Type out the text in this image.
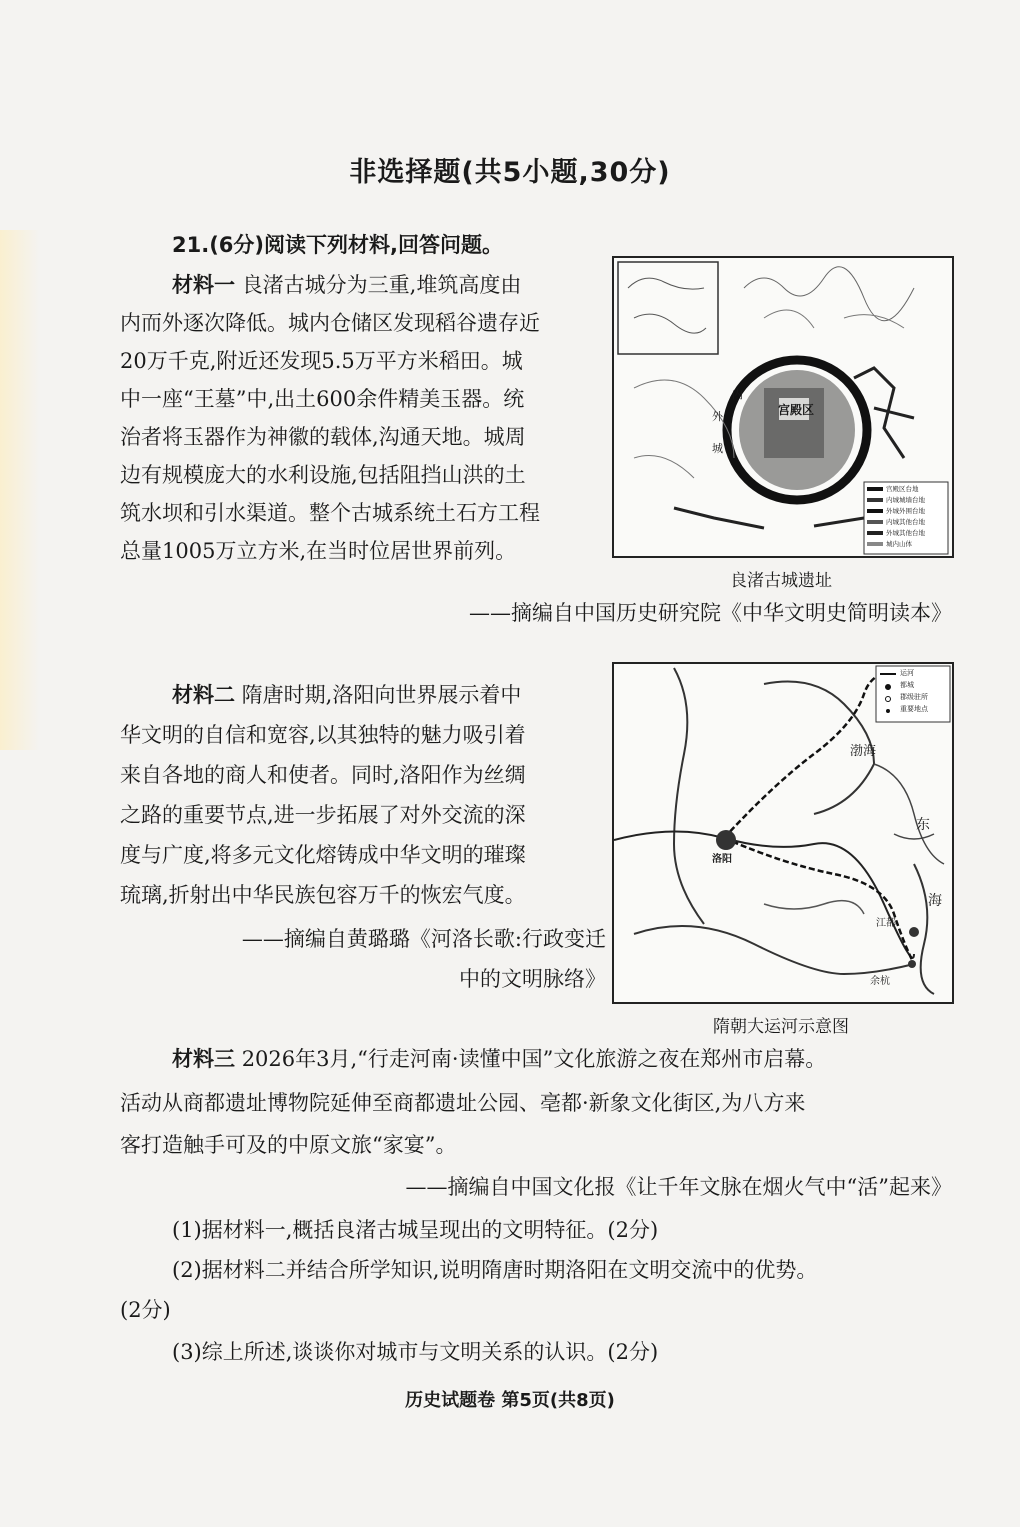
非选择题(共5小题,30分)
21.(6分)阅读下列材料,回答问题。
材料一 良渚古城分为三重,堆筑高度由
内而外逐次降低。城内仓储区发现稻谷遗存近
20万千克,附近还发现5.5万平方米稻田。城
中一座“王墓”中,出土600余件精美玉器。统
治者将玉器作为神徽的载体,沟通天地。城周
边有规模庞大的水利设施,包括阻挡山洪的土
筑水坝和引水渠道。整个古城系统土石方工程
总量1005万立方米,在当时位居世界前列。
宫殿区
内
外
城
宫殿区台地
内城城墙台地
外城外围台地
内城其他台地
外城其他台地
城内山体
良渚古城遗址
——摘编自中国历史研究院《中华文明史简明读本》
材料二 隋唐时期,洛阳向世界展示着中
华文明的自信和宽容,以其独特的魅力吸引着
来自各地的商人和使者。同时,洛阳作为丝绸
之路的重要节点,进一步拓展了对外交流的深
度与广度,将多元文化熔铸成中华文明的璀璨
琉璃,折射出中华民族包容万千的恢宏气度。
——摘编自黄璐璐《河洛长歌:行政变迁
中的文明脉络》
运河
都城
郡级驻所
重要地点
渤海
东
海
洛阳
江都
余杭
隋朝大运河示意图
材料三 2026年3月,“行走河南·读懂中国”文化旅游之夜在郑州市启幕。
活动从商都遗址博物院延伸至商都遗址公园、亳都·新象文化街区,为八方来
客打造触手可及的中原文旅“家宴”。
——摘编自中国文化报《让千年文脉在烟火气中“活”起来》
(1)据材料一,概括良渚古城呈现出的文明特征。(2分)
(2)据材料二并结合所学知识,说明隋唐时期洛阳在文明交流中的优势。
(2分)
(3)综上所述,谈谈你对城市与文明关系的认识。(2分)
历史试题卷 第5页(共8页)
